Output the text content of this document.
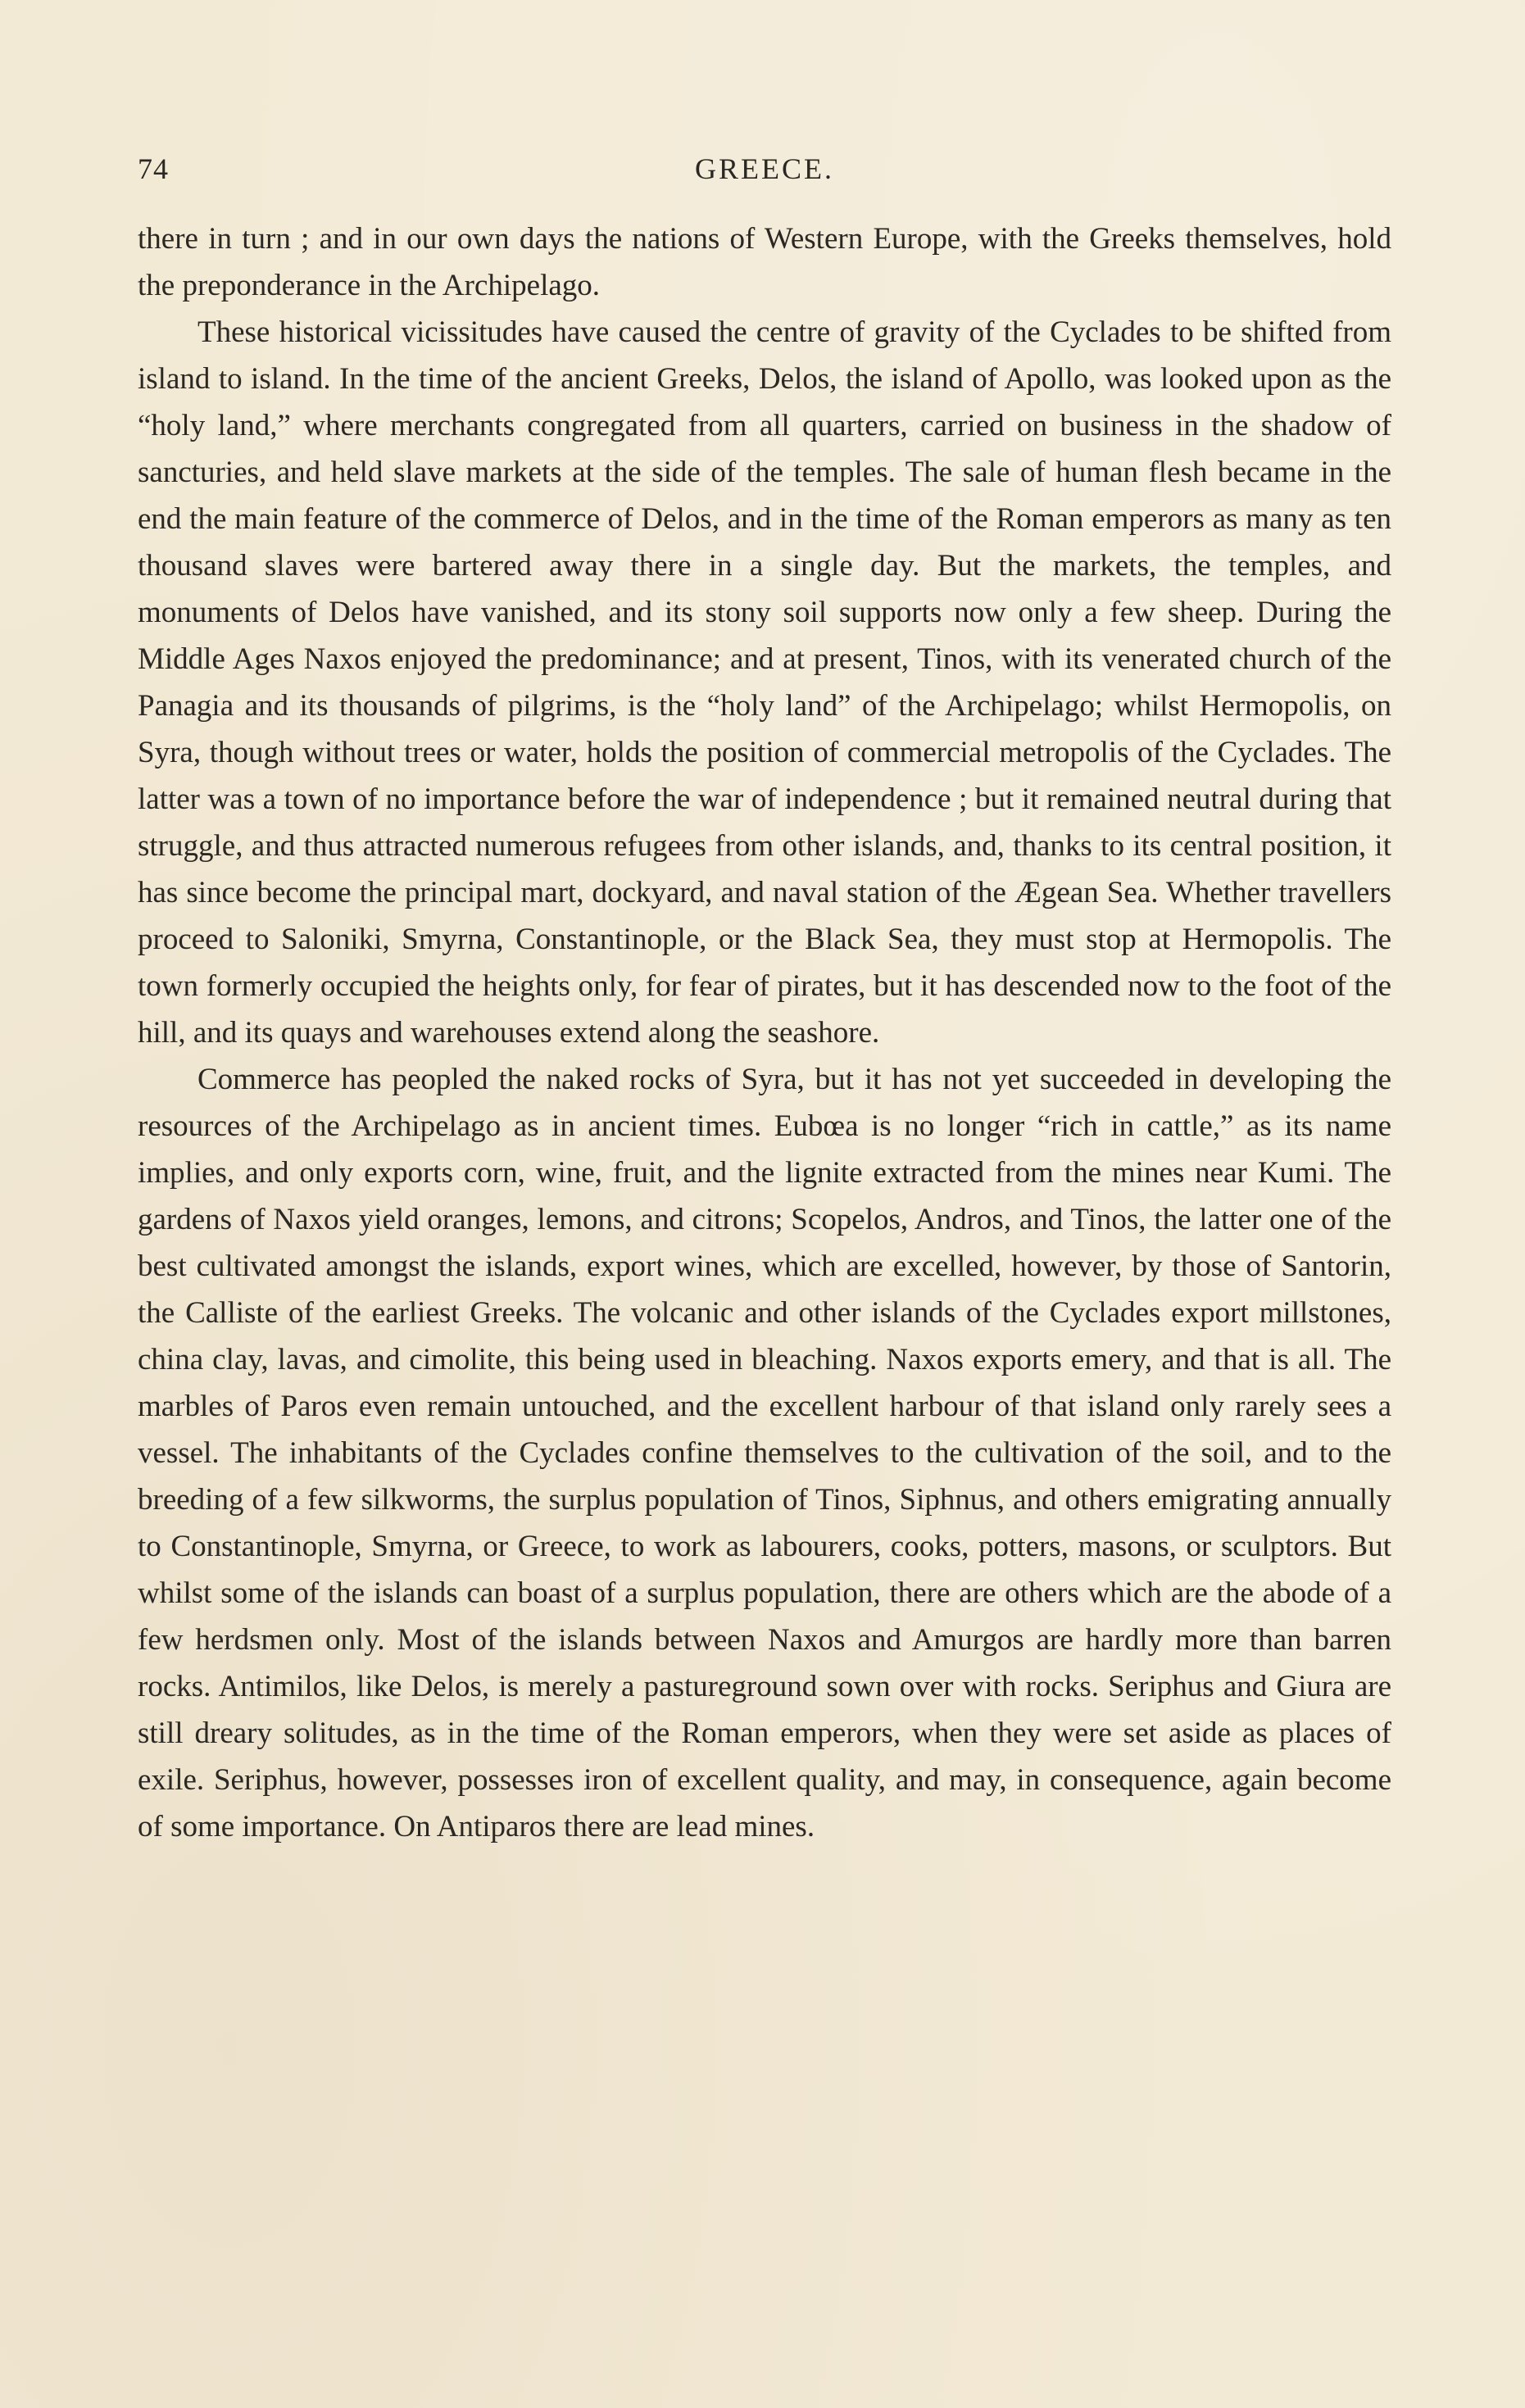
74	GREECE.

there in turn ; and in our own days the nations of Western Europe, with the Greeks themselves, hold the preponderance in the Archipelago.

These historical vicissitudes have caused the centre of gravity of the Cyclades to be shifted from island to island. In the time of the ancient Greeks, Delos, the island of Apollo, was looked upon as the “holy land,” where merchants congregated from all quarters, carried on business in the shadow of sancturies, and held slave markets at the side of the temples. The sale of human flesh became in the end the main feature of the commerce of Delos, and in the time of the Roman emperors as many as ten thousand slaves were bartered away there in a single day. But the markets, the temples, and monuments of Delos have vanished, and its stony soil supports now only a few sheep. During the Middle Ages Naxos enjoyed the predominance; and at present, Tinos, with its venerated church of the Panagia and its thousands of pilgrims, is the “holy land” of the Archipelago; whilst Hermopolis, on Syra, though without trees or water, holds the position of commercial metropolis of the Cyclades. The latter was a town of no importance before the war of independence ; but it remained neutral during that struggle, and thus attracted numerous refugees from other islands, and, thanks to its central position, it has since become the principal mart, dockyard, and naval station of the Ægean Sea. Whether travellers proceed to Saloniki, Smyrna, Constantinople, or the Black Sea, they must stop at Hermopolis. The town formerly occupied the heights only, for fear of pirates, but it has descended now to the foot of the hill, and its quays and warehouses extend along the seashore.

Commerce has peopled the naked rocks of Syra, but it has not yet succeeded in developing the resources of the Archipelago as in ancient times. Eubœa is no longer “rich in cattle,” as its name implies, and only exports corn, wine, fruit, and the lignite extracted from the mines near Kumi. The gardens of Naxos yield oranges, lemons, and citrons; Scopelos, Andros, and Tinos, the latter one of the best cultivated amongst the islands, export wines, which are excelled, however, by those of Santorin, the Calliste of the earliest Greeks. The volcanic and other islands of the Cyclades export millstones, china clay, lavas, and cimolite, this being used in bleaching. Naxos exports emery, and that is all. The marbles of Paros even remain untouched, and the excellent harbour of that island only rarely sees a vessel. The inhabitants of the Cyclades confine themselves to the cultivation of the soil, and to the breeding of a few silkworms, the surplus population of Tinos, Siphnus, and others emigrating annually to Constantinople, Smyrna, or Greece, to work as labourers, cooks, potters, masons, or sculptors. But whilst some of the islands can boast of a surplus population, there are others which are the abode of a few herdsmen only. Most of the islands between Naxos and Amurgos are hardly more than barren rocks. Antimilos, like Delos, is merely a pastureground sown over with rocks. Seriphus and Giura are still dreary solitudes, as in the time of the Roman emperors, when they were set aside as places of exile. Seriphus, however, possesses iron of excellent quality, and may, in consequence, again become of some importance. On Antiparos there are lead mines.
